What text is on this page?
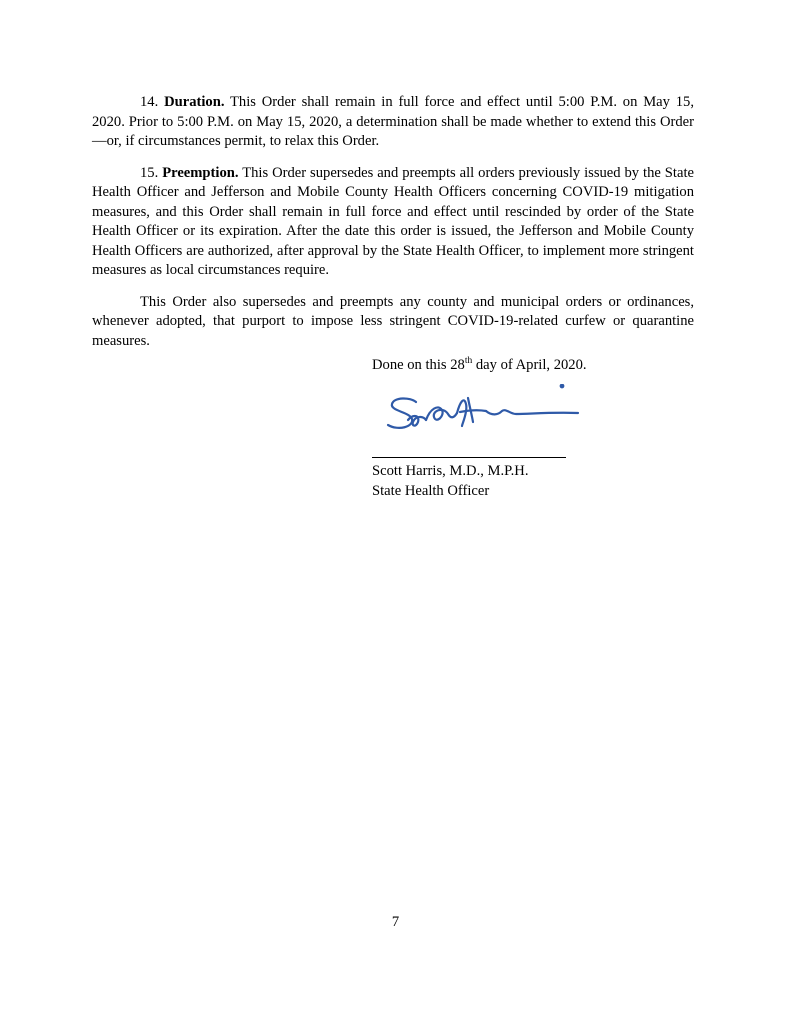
14. Duration. This Order shall remain in full force and effect until 5:00 P.M. on May 15, 2020. Prior to 5:00 P.M. on May 15, 2020, a determination shall be made whether to extend this Order—or, if circumstances permit, to relax this Order.

15. Preemption. This Order supersedes and preempts all orders previously issued by the State Health Officer and Jefferson and Mobile County Health Officers concerning COVID-19 mitigation measures, and this Order shall remain in full force and effect until rescinded by order of the State Health Officer or its expiration. After the date this order is issued, the Jefferson and Mobile County Health Officers are authorized, after approval by the State Health Officer, to implement more stringent measures as local circumstances require.

This Order also supersedes and preempts any county and municipal orders or ordinances, whenever adopted, that purport to impose less stringent COVID-19-related curfew or quarantine measures.

Done on this 28th day of April, 2020.
Scott Harris, M.D., M.P.H.
State Health Officer
7
